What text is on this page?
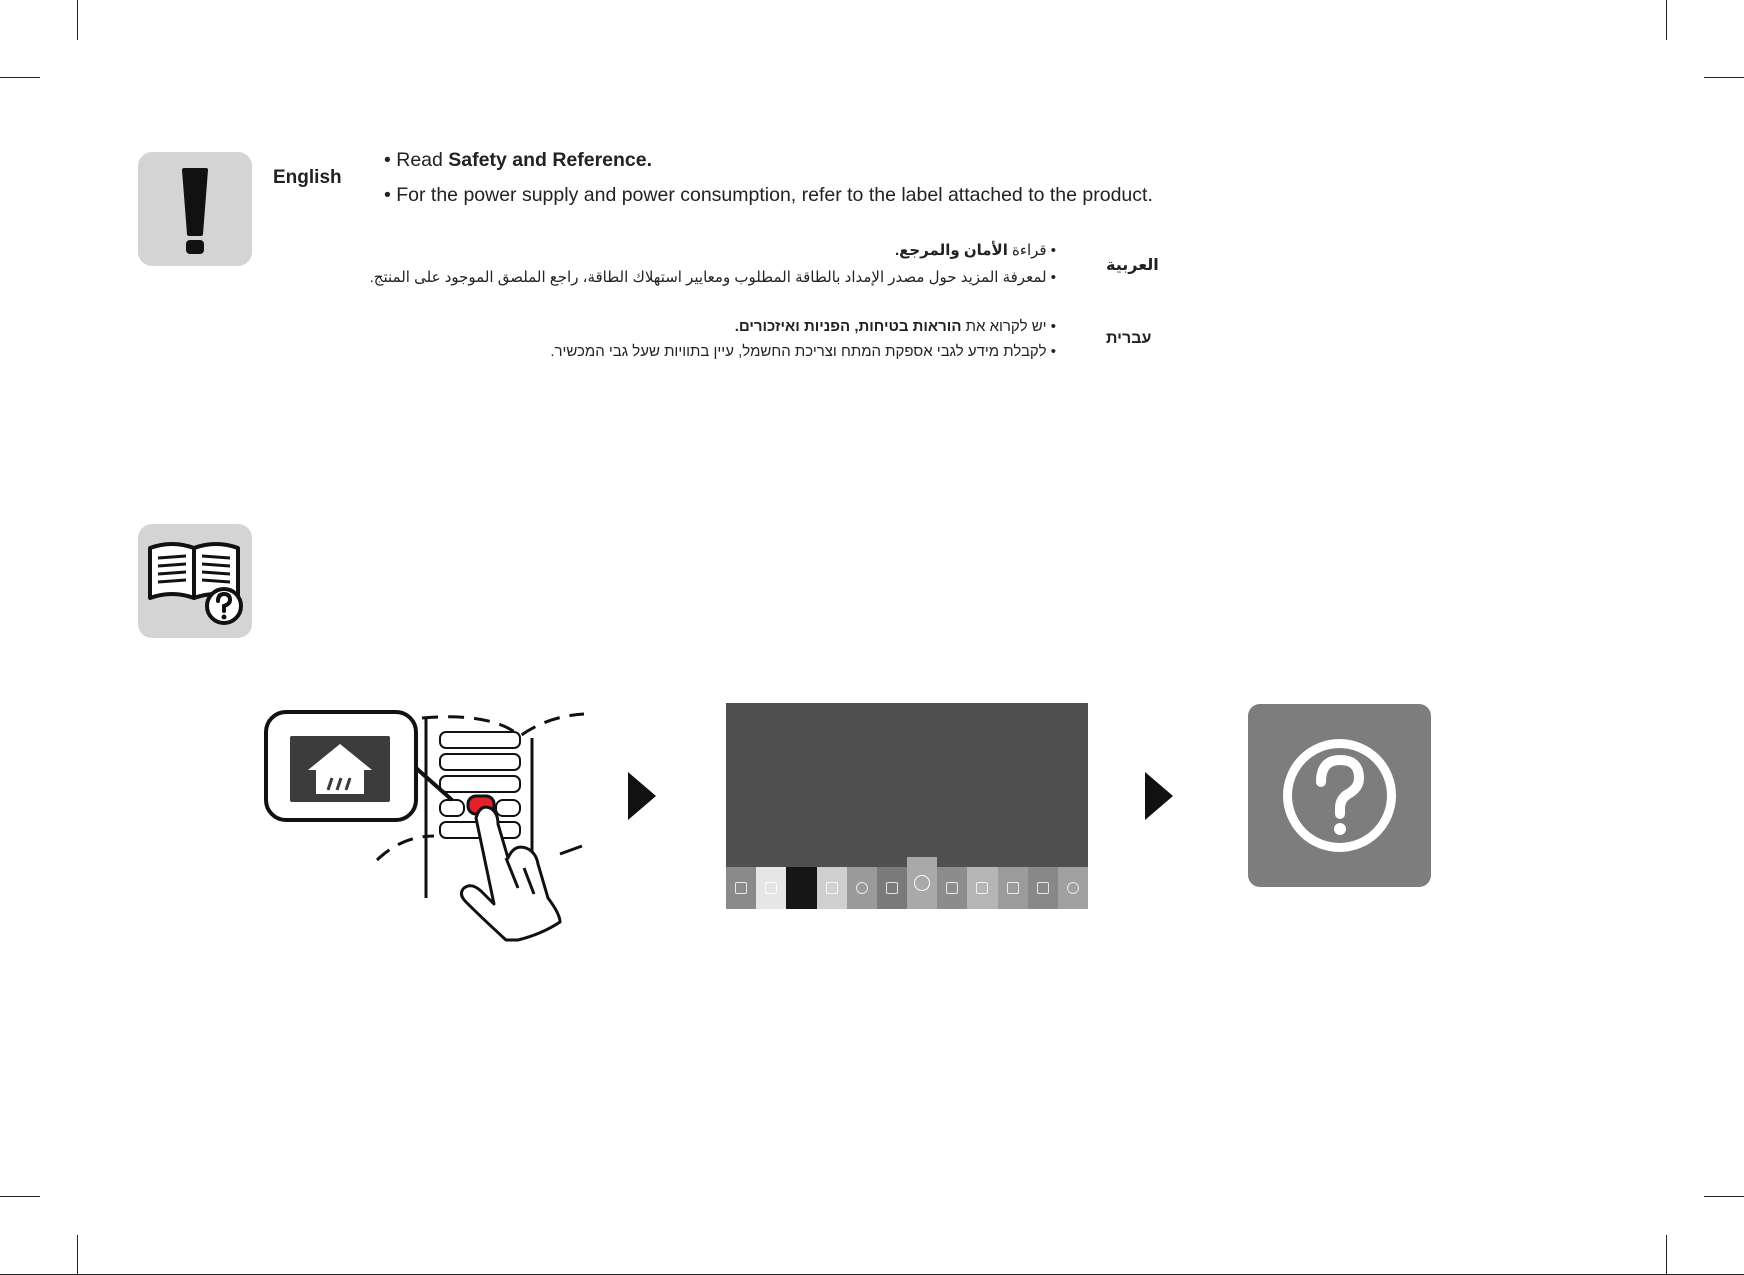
English
• Read Safety and Reference.
• For the power supply and power consumption, refer to the label attached to the product.
العربية
• قراءة الأمان والمرجع.
• لمعرفة المزيد حول مصدر الإمداد بالطاقة المطلوب ومعايير استهلاك الطاقة، راجع الملصق الموجود على المنتج.
עברית
• יש לקרוא את הוראות בטיחות, הפניות ואיזכורים.
• לקבלת מידע לגבי אספקת המתח וצריכת החשמל, עיין בתוויות שעל גבי המכשיר.
